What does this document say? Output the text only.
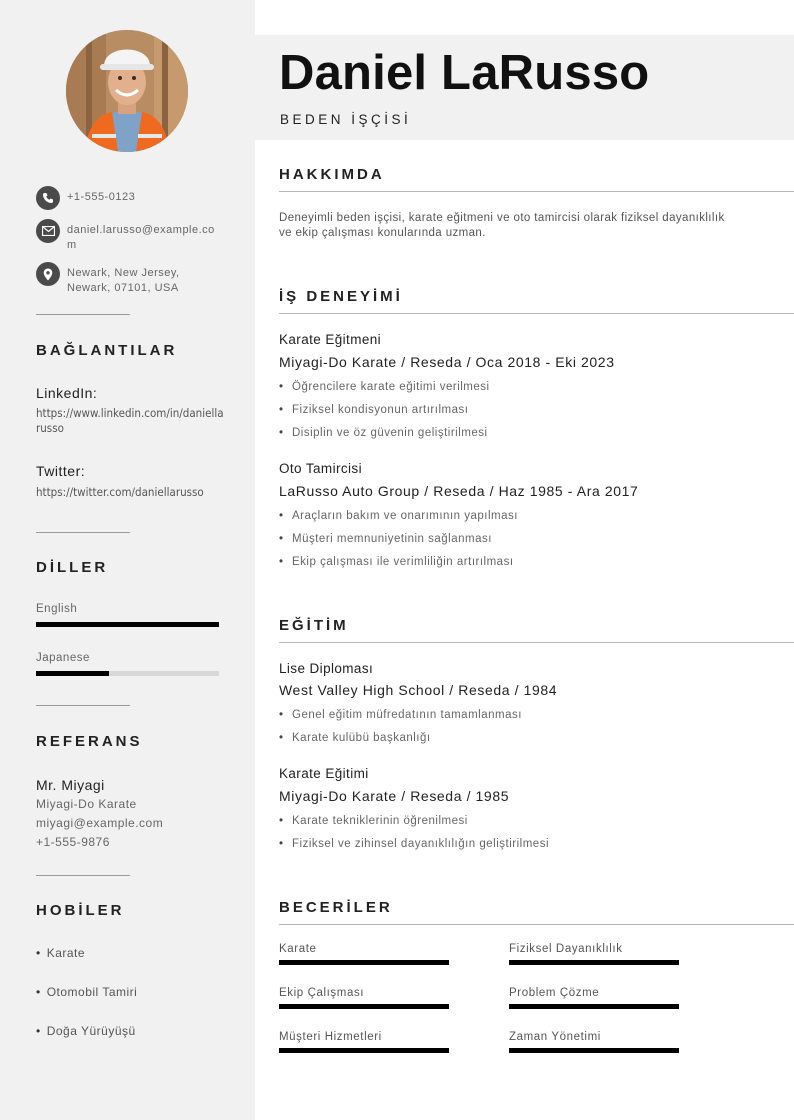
+1-555-0123
daniel.larusso@example.com
Newark, New Jersey, Newark, 07101, USA
BAĞLANTILAR
LinkedIn:
https://www.linkedin.com/in/daniellarusso
Twitter:
https://twitter.com/daniellarusso
DİLLER
English
Japanese
REFERANS
Mr. Miyagi
Miyagi-Do Karate
miyagi@example.com
+1-555-9876
HOBİLER
• Karate
• Otomobil Tamiri
• Doğa Yürüyüşü
Daniel LaRusso
BEDEN İŞÇİSİ
HAKKIMDA
Deneyimli beden işçisi, karate eğitmeni ve oto tamircisi olarak fiziksel dayanıklılık ve ekip çalışması konularında uzman.
İŞ DENEYİMİ
Karate Eğitmeni
Miyagi-Do Karate / Reseda / Oca 2018 - Eki 2023
• Öğrencilere karate eğitimi verilmesi
• Fiziksel kondisyonun artırılması
• Disiplin ve öz güvenin geliştirilmesi
Oto Tamircisi
LaRusso Auto Group / Reseda / Haz 1985 - Ara 2017
• Araçların bakım ve onarımının yapılması
• Müşteri memnuniyetinin sağlanması
• Ekip çalışması ile verimliliğin artırılması
EĞİTİM
Lise Diploması
West Valley High School / Reseda / 1984
• Genel eğitim müfredatının tamamlanması
• Karate kulübü başkanlığı
Karate Eğitimi
Miyagi-Do Karate / Reseda / 1985
• Karate tekniklerinin öğrenilmesi
• Fiziksel ve zihinsel dayanıklılığın geliştirilmesi
BECERİLER
Karate	Fiziksel Dayanıklılık
Ekip Çalışması	Problem Çözme
Müşteri Hizmetleri	Zaman Yönetimi
